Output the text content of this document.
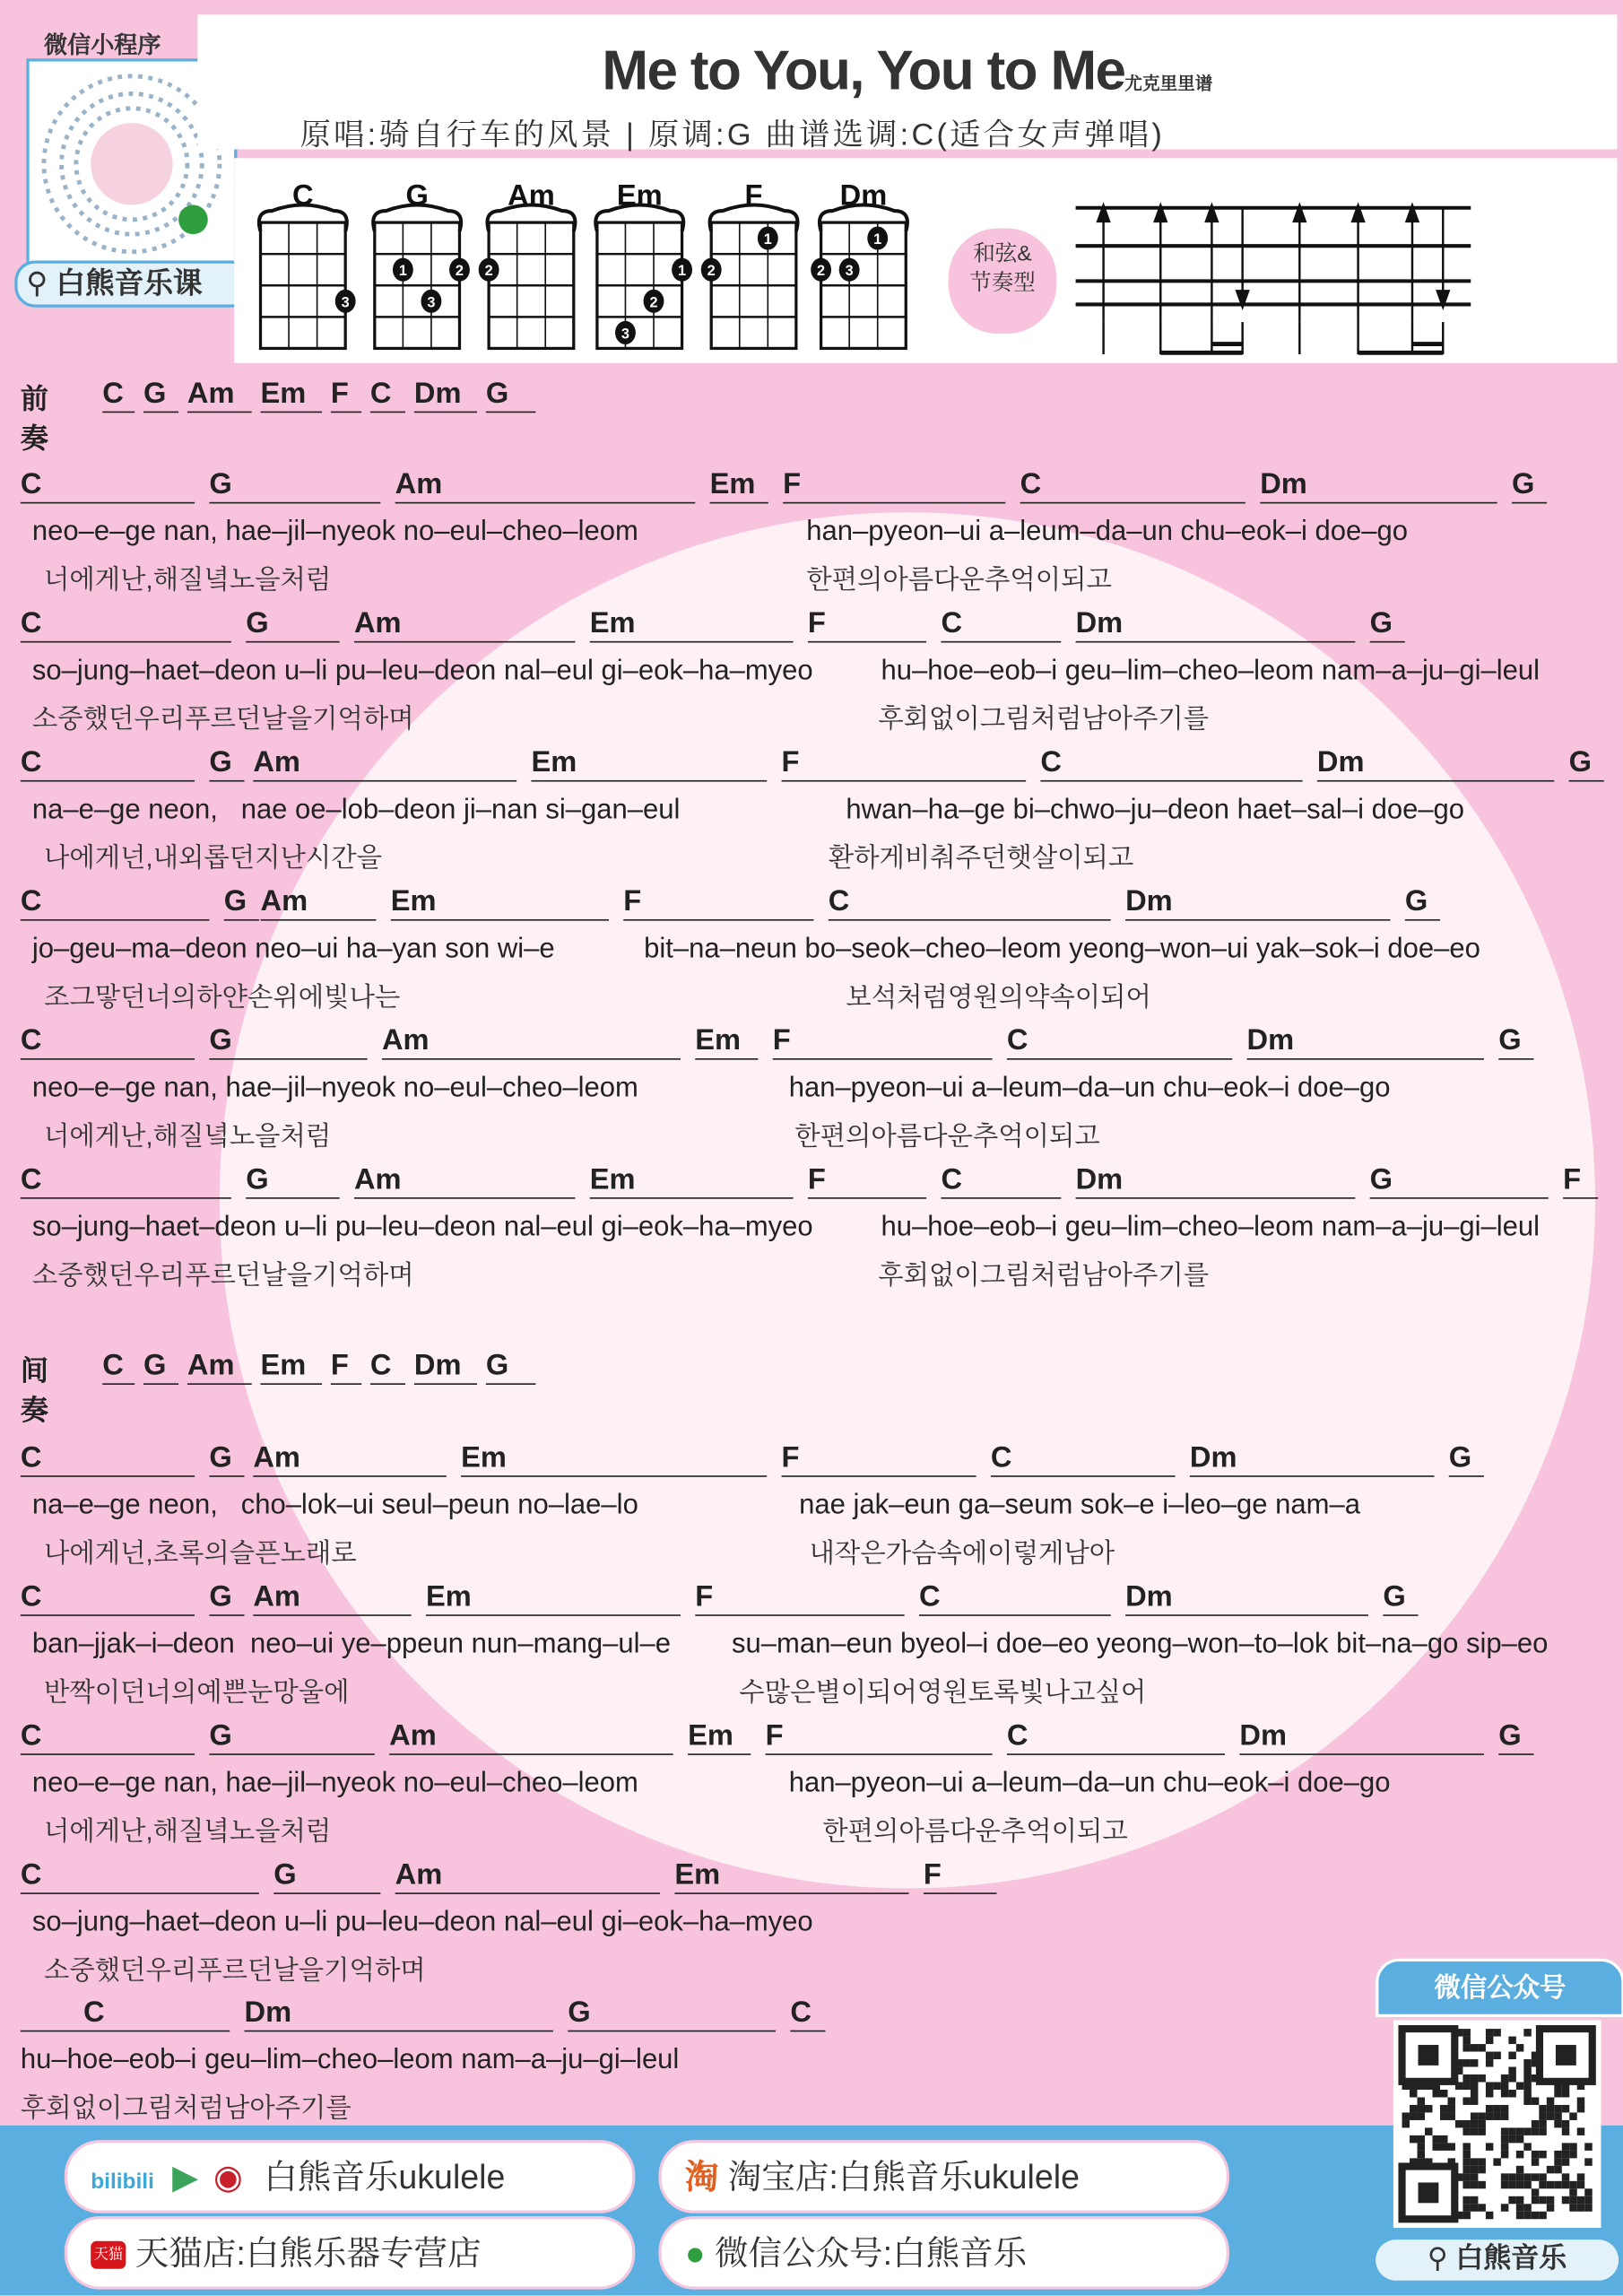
微信小程序
⚲ 白熊音乐课
Me to You, You to Me尤克里里谱
原唱:骑自行车的风景 | 原调:G 曲谱选调:C(适合女声弹唱)
C
3
G
1	2
3
Am
2
Em
1
2
3
F
1
2
Dm
1
2 3
和弦&
节奏型
前奏
C	G	Am	Em	F	C	Dm	G
间奏
C	G	Am	Em	F	C	Dm	G
C	G	Am	Em	F	C	Dm	G
neo–e–ge nan, hae–jil–nyeok no–eul–cheo–leom	han–pyeon–ui a–leum–da–un chu–eok–i doe–go
너에게난,해질녘노을처럼	한편의아름다운추억이되고
C	G	Am	Em	F	C	Dm	G
so–jung–haet–deon u–li pu–leu–deon nal–eul gi–eok–ha–myeo	hu–hoe–eob–i geu–lim–cheo–leom nam–a–ju–gi–leul
소중했던우리푸르던날을기억하며	후회없이그림처럼남아주기를
C	G	Am	Em	F	C	Dm	G
na–e–ge neon,   nae oe–lob–deon ji–nan si–gan–eul	hwan–ha–ge bi–chwo–ju–deon haet–sal–i doe–go
나에게넌,내외롭던지난시간을	환하게비춰주던햇살이되고
C	G Am	Em	F	C	Dm	G
jo–geu–ma–deon neo–ui ha–yan son wi–e	bit–na–neun bo–seok–cheo–leom yeong–won–ui yak–sok–i doe–eo
조그맣던너의하얀손위에빛나는	보석처럼영원의약속이되어
C	G	Am	Em	F	C	Dm	G
neo–e–ge nan, hae–jil–nyeok no–eul–cheo–leom	han–pyeon–ui a–leum–da–un chu–eok–i doe–go
너에게난,해질녘노을처럼	한편의아름다운추억이되고
C	G	Am	Em	F	C	Dm	G	F
so–jung–haet–deon u–li pu–leu–deon nal–eul gi–eok–ha–myeo	hu–hoe–eob–i geu–lim–cheo–leom nam–a–ju–gi–leul
소중했던우리푸르던날을기억하며	후회없이그림처럼남아주기를
C	G	Am	Em	F	C	Dm	G
na–e–ge neon,   cho–lok–ui seul–peun no–lae–lo	nae jak–eun ga–seum sok–e i–leo–ge nam–a
나에게넌,초록의슬픈노래로	내작은가슴속에이렇게남아
C	G	Am	Em	F	C	Dm	G
ban–jjak–i–deon  neo–ui ye–ppeun nun–mang–ul–e	su–man–eun byeol–i doe–eo yeong–won–to–lok bit–na–go sip–eo
반짝이던너의예쁜눈망울에	수많은별이되어영원토록빛나고싶어
C	G	Am	Em	F	C	Dm	G
neo–e–ge nan, hae–jil–nyeok no–eul–cheo–leom	han–pyeon–ui a–leum–da–un chu–eok–i doe–go
너에게난,해질녘노을처럼	한편의아름다운추억이되고
C	G	Am	Em	F
so–jung–haet–deon u–li pu–leu–deon nal–eul gi–eok–ha–myeo
소중했던우리푸르던날을기억하며
C	Dm	G	C
hu–hoe–eob–i geu–lim–cheo–leom nam–a–ju–gi–leul
후회없이그림처럼남아주기를
bilibili ▶ ◉ 白熊音乐ukulele	淘 淘宝店:白熊音乐ukulele
天猫 天猫店:白熊乐器专营店	● 微信公众号:白熊音乐
微信公众号
⚲ 白熊音乐
